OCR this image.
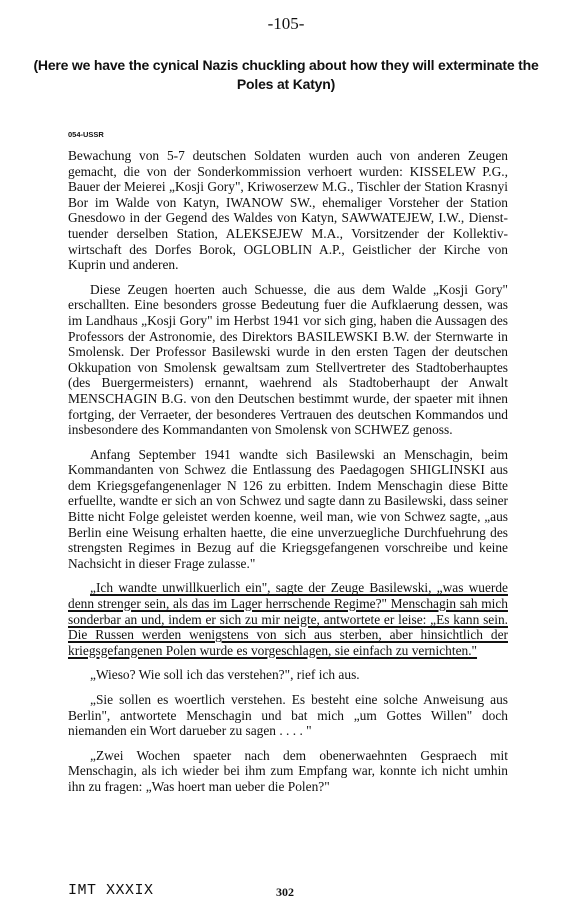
-105-
(Here we have the cynical Nazis chuckling about how they will exterminate the Poles at Katyn)
054-USSR

Bewachung von 5-7 deutschen Soldaten wurden auch von anderen Zeugen gemacht, die von der Sonderkommission verhoert wurden: KISSELEW P.G., Bauer der Meierei „Kosji Gory", Kriwoserzew M.G., Tischler der Station Krasnyi Bor im Walde von Katyn, IWANOW SW., ehemaliger Vorsteher der Station Gnesdowo in der Gegend des Waldes von Katyn, SAWWATEJEW, I.W., Diensttuender derselben Station, ALEKSEJEW M.A., Vorsitzender der Kollektivwirtschaft des Dorfes Borok, OGLOBLIN A.P., Geistlicher der Kirche von Kuprin und anderen.

Diese Zeugen hoerten auch Schuesse, die aus dem Walde „Kosji Gory" erschallten. Eine besonders grosse Bedeutung fuer die Aufklaerung dessen, was im Landhaus „Kosji Gory" im Herbst 1941 vor sich ging, haben die Aussagen des Professors der Astronomie, des Direktors BASILEWSKI B.W. der Sternwarte in Smolensk. Der Professor Basilewski wurde in den ersten Tagen der deutschen Okkupation von Smolensk gewaltsam zum Stellvertreter des Stadtoberhauptes (des Buergermeisters) ernannt, waehrend als Stadtoberhaupt der Anwalt MENSCHAGIN B.G. von den Deutschen bestimmt wurde, der spaeter mit ihnen fortging, der Verraeter, der besonderes Vertrauen des deutschen Kommandos und insbesondere des Kommandanten von Smolensk von SCHWEZ genoss.

Anfang September 1941 wandte sich Basilewski an Menschagin, beim Kommandanten von Schwez die Entlassung des Paedagogen SHIGLINSKI aus dem Kriegsgefangenenlager N 126 zu erbitten. Indem Menschagin diese Bitte erfuellte, wandte er sich an von Schwez und sagte dann zu Basilewski, dass seiner Bitte nicht Folge geleistet werden koenne, weil man, wie von Schwez sagte, „aus Berlin eine Weisung erhalten haette, die eine unverzuegliche Durchfuehrung des strengsten Regimes in Bezug auf die Kriegsgefangenen vorschreibe und keine Nachsicht in dieser Frage zulasse."

„Ich wandte unwillkuerlich ein", sagte der Zeuge Basilewski, „was wuerde denn strenger sein, als das im Lager herrschende Regime?" Menschagin sah mich sonderbar an und, indem er sich zu mir neigte, antwortete er leise: „Es kann sein. Die Russen werden wenigstens von sich aus sterben, aber hinsichtlich der kriegsgefangenen Polen wurde es vorgeschlagen, sie einfach zu vernichten."

„Wieso? Wie soll ich das verstehen?", rief ich aus.

„Sie sollen es woertlich verstehen. Es besteht eine solche Anweisung aus Berlin", antwortete Menschagin und bat mich „um Gottes Willen" doch niemanden ein Wort darueber zu sagen . . . . "

„Zwei Wochen spaeter nach dem obenerwaehnten Gespraech mit Menschagin, als ich wieder bei ihm zum Empfang war, konnte ich nicht umhin ihn zu fragen: „Was hoert man ueber die Polen?"

IMT XXXIX	302
